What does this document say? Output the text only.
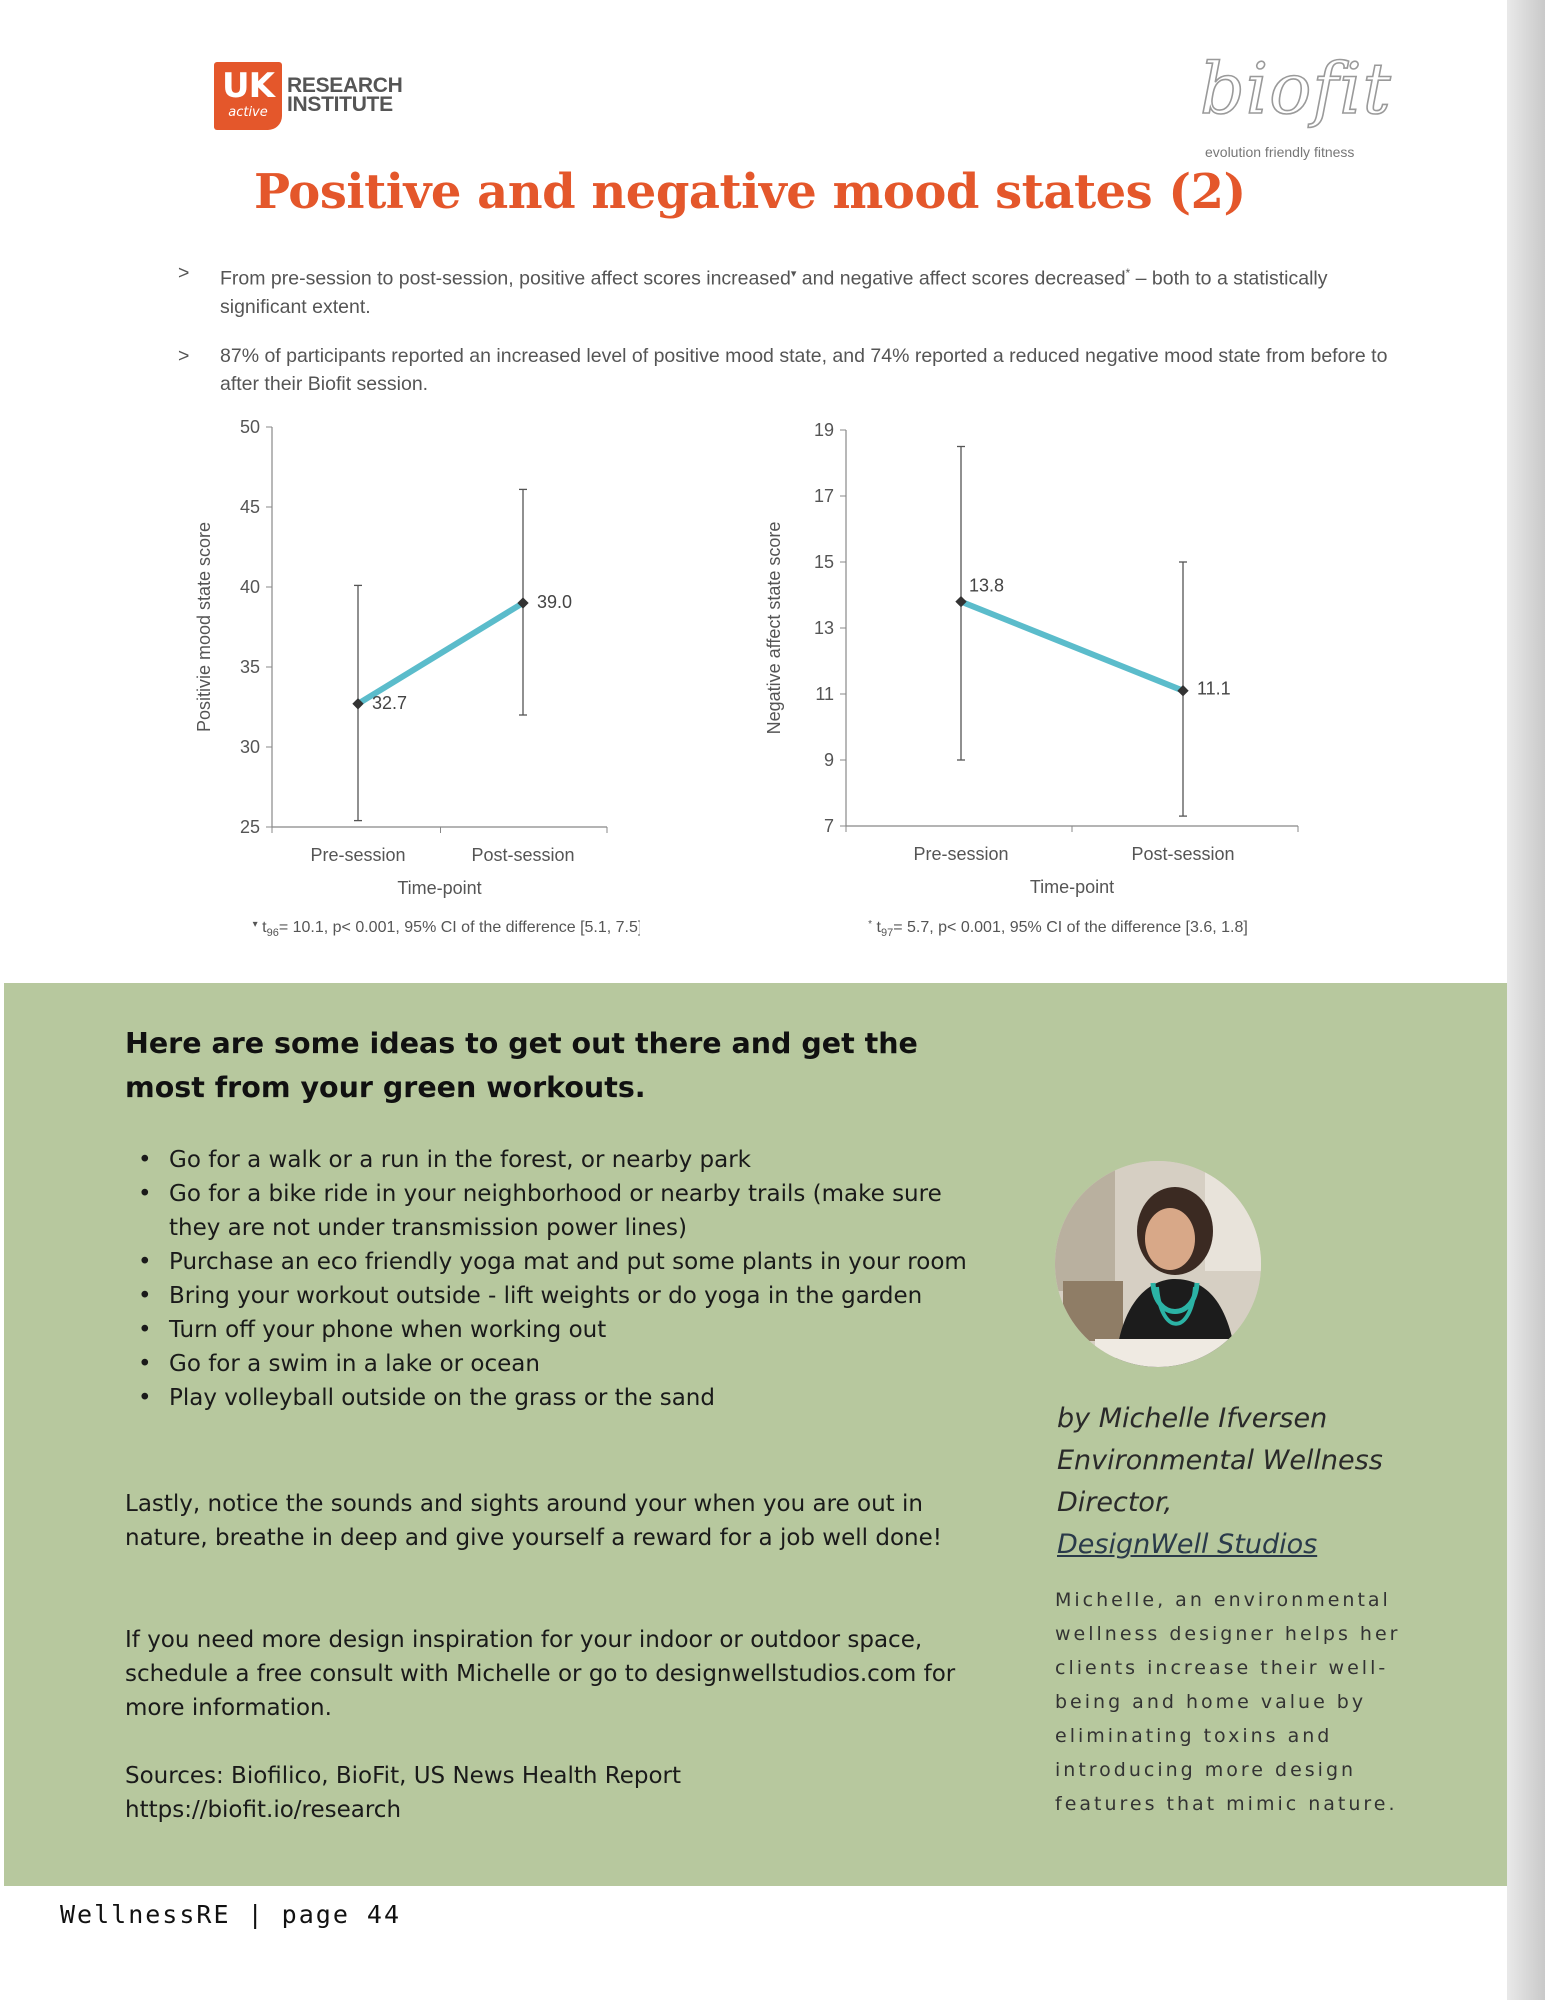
UK
active
RESEARCH
INSTITUTE	biofit
evolution friendly fitness
Positive and negative mood states (2)
> From pre-session to post-session, positive affect scores increased▾ and negative affect scores decreased* – both to a statistically significant extent.
> 87% of participants reported an increased level of positive mood state, and 74% reported a reduced negative mood state from before to after their Biofit session.
25
30
35
40
45
50
Pre-session	Post-session
Positivie mood state score
Time-point
32.7
39.0
▾ $t_{96}= 10.1$, p< 0.001, 95% CI of the difference [5.1, 7.5]
7
9
11
13
15
17
19
Pre-session	Post-session
Negative affect state score
Time-point
13.8
11.1
* $t_{97}= 5.7$, p< 0.001, 95% CI of the difference [3.6, 1.8]
Here are some ideas to get out there and get the most from your green workouts.
• Go for a walk or a run in the forest, or nearby park
• Go for a bike ride in your neighborhood or nearby trails (make sure they are not under transmission power lines)
• Purchase an eco friendly yoga mat and put some plants in your room
• Bring your workout outside - lift weights or do yoga in the garden
• Turn off your phone when working out
• Go for a swim in a lake or ocean
• Play volleyball outside on the grass or the sand

Lastly, notice the sounds and sights around your when you are out in nature, breathe in deep and give yourself a reward for a job well done!

If you need more design inspiration for your indoor or outdoor space, schedule a free consult with Michelle or go to designwellstudios.com for more information.

Sources: Biofilico, BioFit, US News Health Report
https://biofit.io/research

by Michelle Ifversen
Environmental Wellness
Director,
DesignWell Studios

Michelle, an environmental wellness designer helps her clients increase their well-being and home value by eliminating toxins and introducing more design features that mimic nature.

WellnessRE | page 44
